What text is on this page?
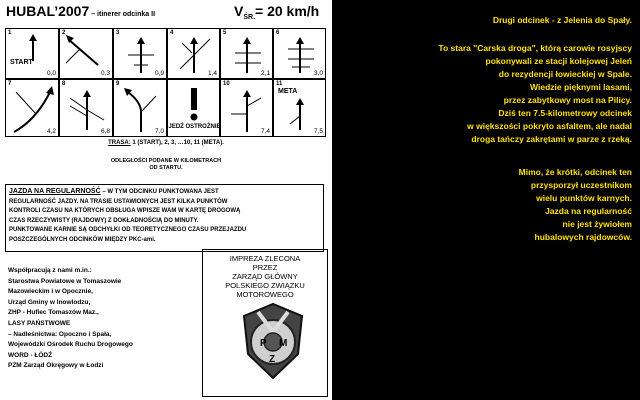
HUBAL’2007 – itinerer odcinka II	$V_{ŚR.}= 20$ km/h
1
START
0,0
2
0,3
3
0,9
4
1,4
5
2,1
6
3,0
7
4,2
8
6,8
9
7,0
JEDŹ OSTROŻNIE
10
7,4
11
META
7,5
TRASA: 1 (START), 2, 3, …10, 11 (META).
ODLEGŁOŚCI PODANE W KILOMETRACH
OD STARTU.
JAZDA NA REGULARNOŚĆ – W TYM ODCINKU PUNKTOWANA JEST
REGULARNOŚĆ JAZDY. NA TRASIE USTAWIONYCH JEST KILKA PUNKTÓW
KONTROLI CZASU NA KTÓRYCH OBSŁUGA WPISZE WAM W KARTĘ DROGOWĄ
CZAS RZECZYWISTY (RAJDOWY) Z DOKŁADNOŚCIĄ DO MINUTY.
PUNKTOWANE KARNIE SĄ ODCHYŁKI OD TEORETYCZNEGO CZASU PRZEJAZDU
POSZCZEGÓLNYCH ODCINKÓW MIĘDZY PKC-ami.
Współpracują z nami m.in.:
Starostwa Powiatowe w Tomaszowie
Mazowieckim i w Opocznie,
Urząd Gminy w Inowlodzu,
ZHP - Hufiec Tomaszów Maz.,
LASY PAŃSTWOWE
– Nadleśnictwa: Opoczno i Spała,
Wojewódzki Ośrodek Ruchu Drogowego
WORD - ŁÓDŹ
PZM Zarząd Okręgowy w Łodzi
IMPREZA ZLECONA
PRZEZ
ZARZĄD GŁÓWNY
POLSKIEGO ZWIĄZKU
MOTOROWEGO
P
Z
M
Drugi odcinek - z Jelenia do Spały.
To stara "Carska droga", którą carowie rosyjscy
pokonywali ze stacji kolejowej Jeleń
do rezydencji łowieckiej w Spale.
Wiedzie pięknymi lasami,
przez zabytkowy most na Pilicy.
Dziś ten 7.5-kilometrowy odcinek
w większości pokryto asfaltem, ale nadal
droga tańczy zakrętami w parze z rzeką.
Mimo, że krótki, odcinek ten
przysporzył uczestnikom
wielu punktów karnych.
Jazda na regularność
nie jest żywiołem
hubalowych rajdowców.
